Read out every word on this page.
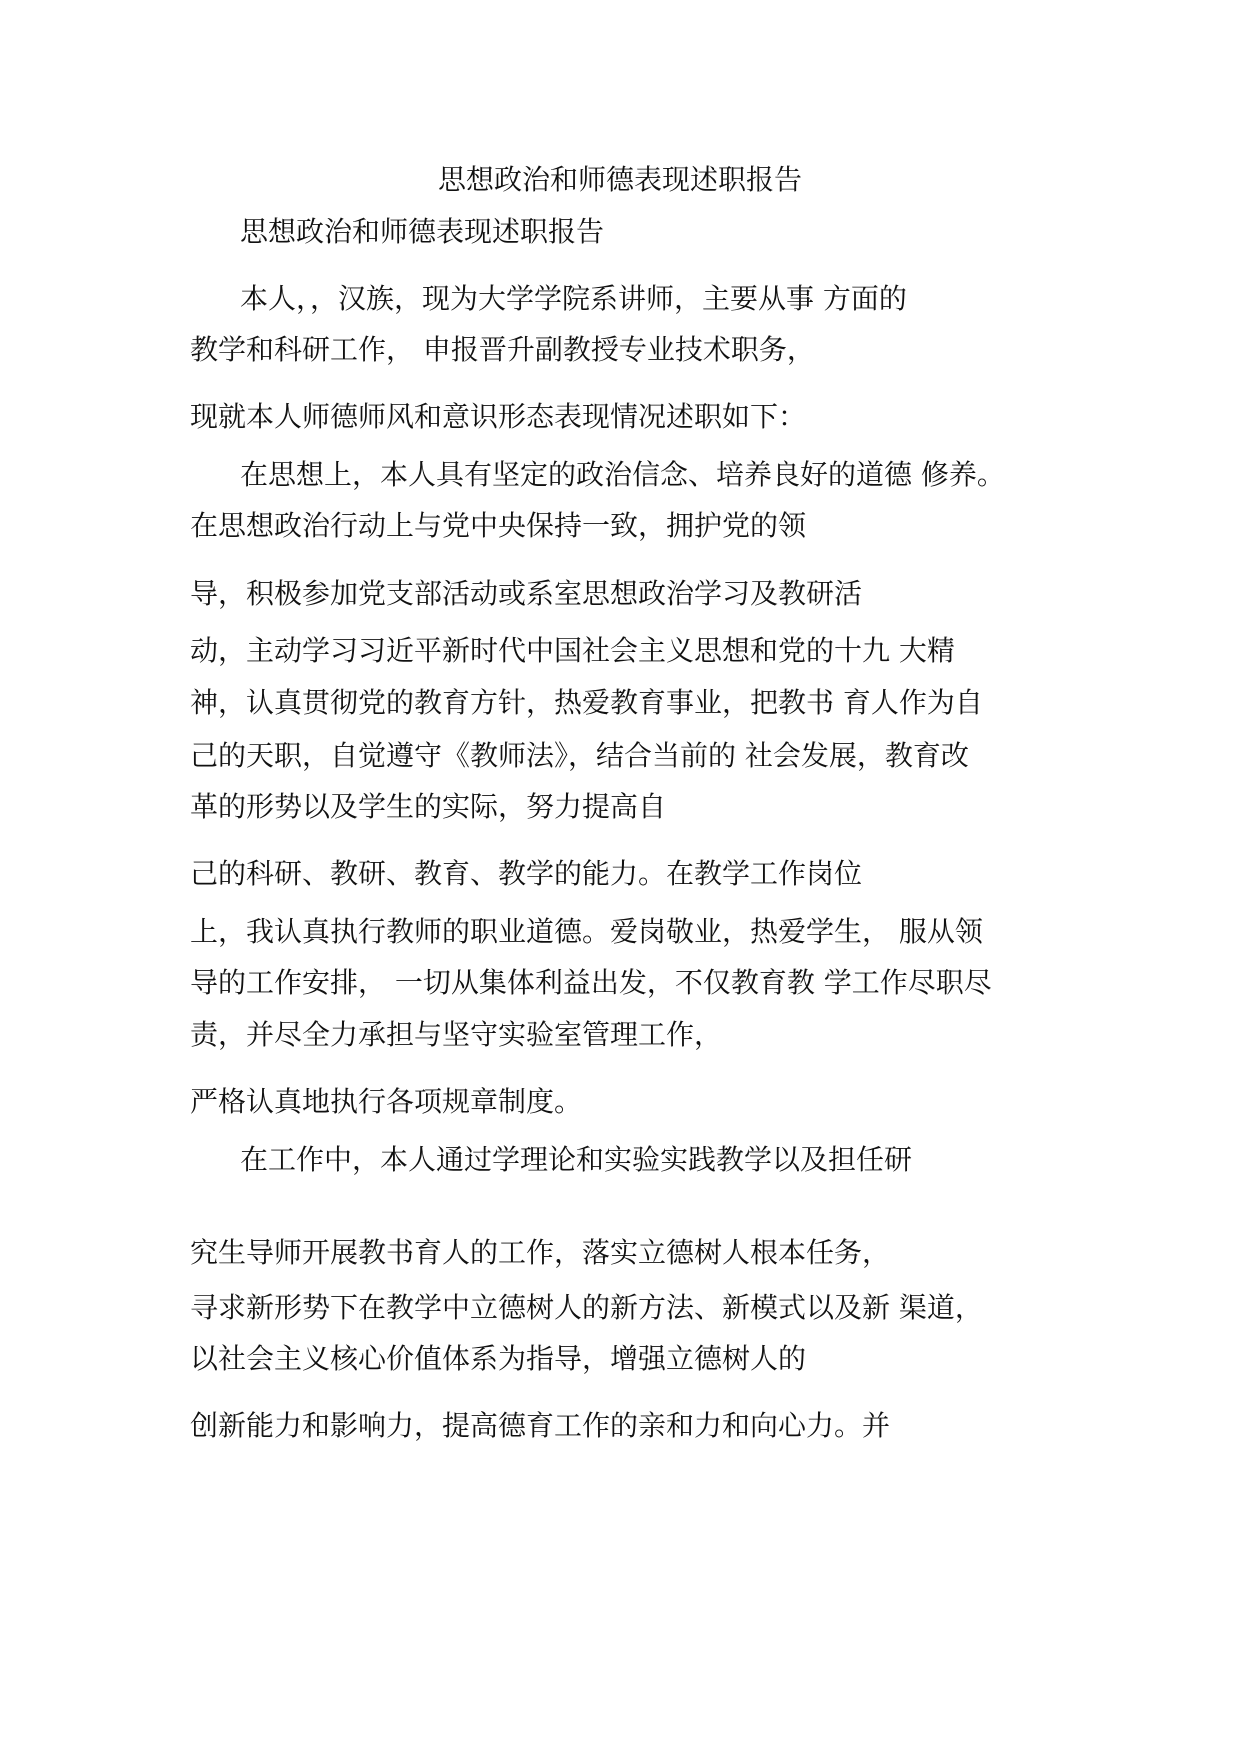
思想政治和师德表现述职报告
思想政治和师德表现述职报告
本人，，汉族，现为大学学院系讲师，主要从事 方面的
教学和科研工作， 申报晋升副教授专业技术职务，
现就本人师德师风和意识形态表现情况述职如下：
在思想上，本人具有坚定的政治信念、培养良好的道德 修养。
在思想政治行动上与党中央保持一致，拥护党的领
导，积极参加党支部活动或系室思想政治学习及教研活
动，主动学习习近平新时代中国社会主义思想和党的十九 大精
神，认真贯彻党的教育方针，热爱教育事业，把教书 育人作为自
己的天职，自觉遵守《教师法》，结合当前的 社会发展，教育改
革的形势以及学生的实际，努力提高自
己的科研、教研、教育、教学的能力。在教学工作岗位
上，我认真执行教师的职业道德。爱岗敬业，热爱学生， 服从领
导的工作安排， 一切从集体利益出发，不仅教育教 学工作尽职尽
责，并尽全力承担与坚守实验室管理工作，
严格认真地执行各项规章制度。
在工作中，本人通过学理论和实验实践教学以及担任研
究生导师开展教书育人的工作，落实立德树人根本任务，
寻求新形势下在教学中立德树人的新方法、新模式以及新 渠道，
以社会主义核心价值体系为指导，增强立德树人的
创新能力和影响力，提高德育工作的亲和力和向心力。并
